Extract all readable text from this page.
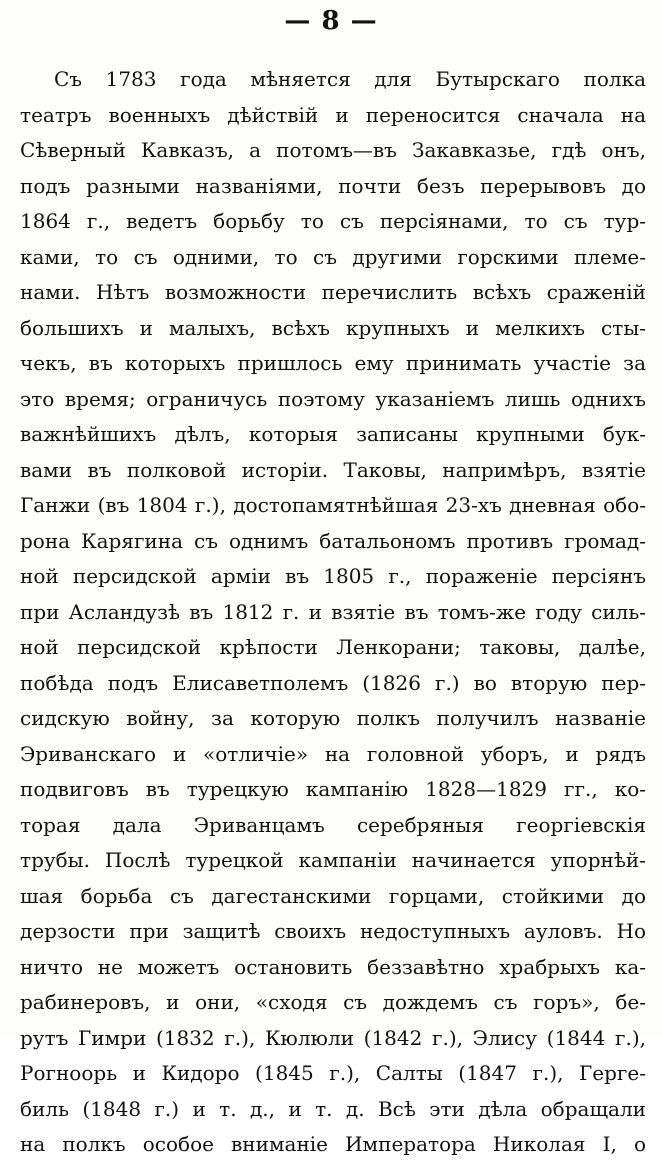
— 8 —
Съ 1783 года мѣняется для Бутырскаго полка
театръ военныхъ дѣйствій и переносится сначала на
Сѣверный Кавказъ, а потомъ—въ Закавказье, гдѣ онъ,
подъ разными названіями, почти безъ перерывовъ до
1864 г., ведетъ борьбу то съ персіянами, то съ тур-
ками, то съ одними, то съ другими горскими племе-
нами. Нѣтъ возможности перечислить всѣхъ сраженій
большихъ и малыхъ, всѣхъ крупныхъ и мелкихъ сты-
чекъ, въ которыхъ пришлось ему принимать участіе за
это время; ограничусь поэтому указаніемъ лишь однихъ
важнѣйшихъ дѣлъ, которыя записаны крупными бук-
вами въ полковой исторіи. Таковы, напримѣръ, взятіе
Ганжи (въ 1804 г.), достопамятнѣйшая 23-хъ дневная обо-
рона Карягина съ однимъ батальономъ противъ громад-
ной персидской арміи въ 1805 г., пораженіе персіянъ
при Асландузѣ въ 1812 г. и взятіе въ томъ-же году силь-
ной персидской крѣпости Ленкорани; таковы, далѣе,
побѣда подъ Елисаветполемъ (1826 г.) во вторую пер-
сидскую войну, за которую полкъ получилъ названіе
Эриванскаго и «отличіе» на головной уборъ, и рядъ
подвиговъ въ турецкую кампанію 1828—1829 гг., ко-
торая дала Эриванцамъ серебряныя георгіевскія
трубы. Послѣ турецкой кампаніи начинается упорнѣй-
шая борьба съ дагестанскими горцами, стойкими до
дерзости при защитѣ своихъ недоступныхъ ауловъ. Но
ничто не можетъ остановить беззавѣтно храбрыхъ ка-
рабинеровъ, и они, «сходя съ дождемъ съ горъ», бе-
рутъ Гимри (1832 г.), Кюлюли (1842 г.), Элису (1844 г.),
Рогноорь и Кидоро (1845 г.), Салты (1847 г.), Герге-
биль (1848 г.) и т. д., и т. д. Всѣ эти дѣла обращали
на полкъ особое вниманіе Императора Николая I, о
